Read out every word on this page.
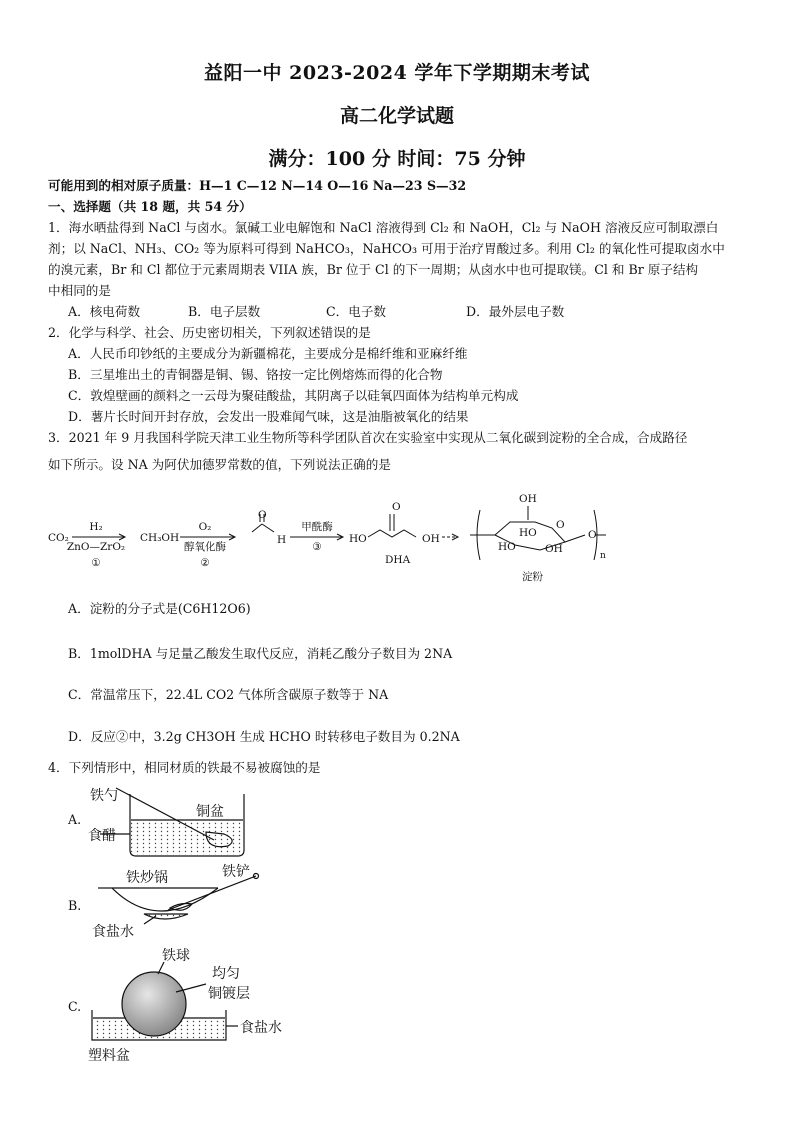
益阳一中 2023-2024 学年下学期期末考试
高二化学试题
满分：100 分 时间：75 分钟
可能用到的相对原子质量：H—1 C—12 N—14 O—16 Na—23 S—32
一、选择题（共 18 题，共 54 分）
1．海水晒盐得到 NaCl 与卤水。氯碱工业电解饱和 NaCl 溶液得到 Cl₂ 和 NaOH，Cl₂ 与 NaOH 溶液反应可制取漂白
剂；以 NaCl、NH₃、CO₂ 等为原料可得到 NaHCO₃，NaHCO₃ 可用于治疗胃酸过多。利用 Cl₂ 的氧化性可提取卤水中
的溴元素，Br 和 Cl 都位于元素周期表 VIIA 族，Br 位于 Cl 的下一周期；从卤水中也可提取镁。Cl 和 Br 原子结构
中相同的是
A．核电荷数	B．电子层数	C．电子数	D．最外层电子数
2．化学与科学、社会、历史密切相关，下列叙述错误的是
A．人民币印钞纸的主要成分为新疆棉花，主要成分是棉纤维和亚麻纤维
B．三星堆出土的青铜器是铜、锡、铬按一定比例熔炼而得的化合物
C．敦煌壁画的颜料之一云母为聚硅酸盐，其阴离子以硅氧四面体为结构单元构成
D．薯片长时间开封存放，会发出一股难闻气味，这是油脂被氧化的结果
3．2021 年 9 月我国科学院天津工业生物所等科学团队首次在实验室中实现从二氧化碳到淀粉的全合成，合成路径
如下所示。设 NA 为阿伏加德罗常数的值，下列说法正确的是
CO₂
H₂
ZnO—ZrO₂
①
CH₃OH
O₂
醇氧化酶
②
O
H
甲酰酶
③
HO
O
OH
DHA
OH
HO
HO	OH
O
O
n
淀粉
A．淀粉的分子式是(C6H12O6)
B．1molDHA 与足量乙酸发生取代反应，消耗乙酸分子数目为 2NA
C．常温常压下，22.4L CO2 气体所含碳原子数等于 NA
D．反应②中，3.2g CH3OH 生成 HCHO 时转移电子数目为 0.2NA
4．下列情形中，相同材质的铁最不易被腐蚀的是
A.
铁勺
铜盆
食醋
B.
铁炒锅	铁铲
食盐水
C.
铁球
均匀
铜镀层
食盐水
塑料盆
